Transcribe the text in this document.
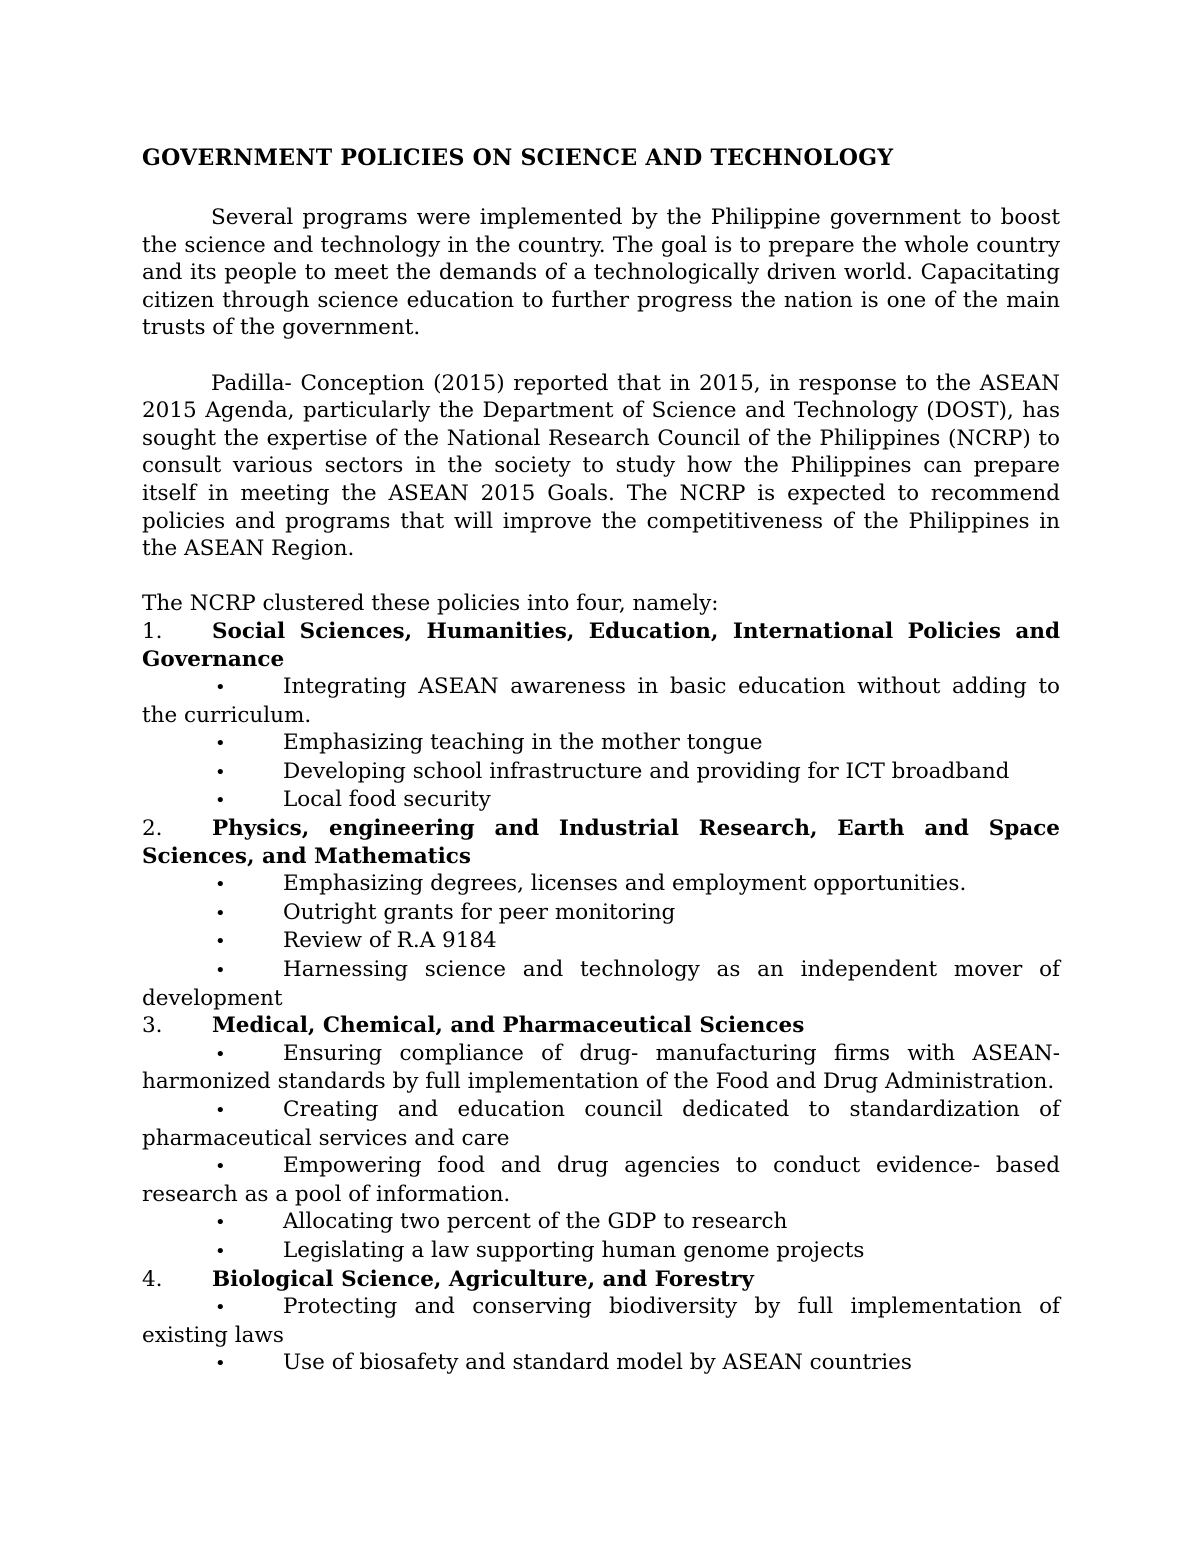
GOVERNMENT POLICIES ON SCIENCE AND TECHNOLOGY

Several programs were implemented by the Philippine government to boost the science and technology in the country. The goal is to prepare the whole country and its people to meet the demands of a technologically driven world. Capacitating citizen through science education to further progress the nation is one of the main trusts of the government.

Padilla- Conception (2015) reported that in 2015, in response to the ASEAN 2015 Agenda, particularly the Department of Science and Technology (DOST), has sought the expertise of the National Research Council of the Philippines (NCRP) to consult various sectors in the society to study how the Philippines can prepare itself in meeting the ASEAN 2015 Goals. The NCRP is expected to recommend policies and programs that will improve the competitiveness of the Philippines in the ASEAN Region.

The NCRP clustered these policies into four, namely:

1. Social Sciences, Humanities, Education, International Policies and Governance

•	Integrating ASEAN awareness in basic education without adding to the curriculum.

•	Emphasizing teaching in the mother tongue

•	Developing school infrastructure and providing for ICT broadband

•	Local food security

2. Physics, engineering and Industrial Research, Earth and Space Sciences, and Mathematics

•	Emphasizing degrees, licenses and employment opportunities.

•	Outright grants for peer monitoring

•	Review of R.A 9184

•	Harnessing science and technology as an independent mover of development

3. Medical, Chemical, and Pharmaceutical Sciences

•	Ensuring compliance of drug- manufacturing firms with ASEAN- harmonized standards by full implementation of the Food and Drug Administration.

•	Creating and education council dedicated to standardization of pharmaceutical services and care

•	Empowering food and drug agencies to conduct evidence- based research as a pool of information.

•	Allocating two percent of the GDP to research

•	Legislating a law supporting human genome projects

4. Biological Science, Agriculture, and Forestry

•	Protecting and conserving biodiversity by full implementation of existing laws

•	Use of biosafety and standard model by ASEAN countries
